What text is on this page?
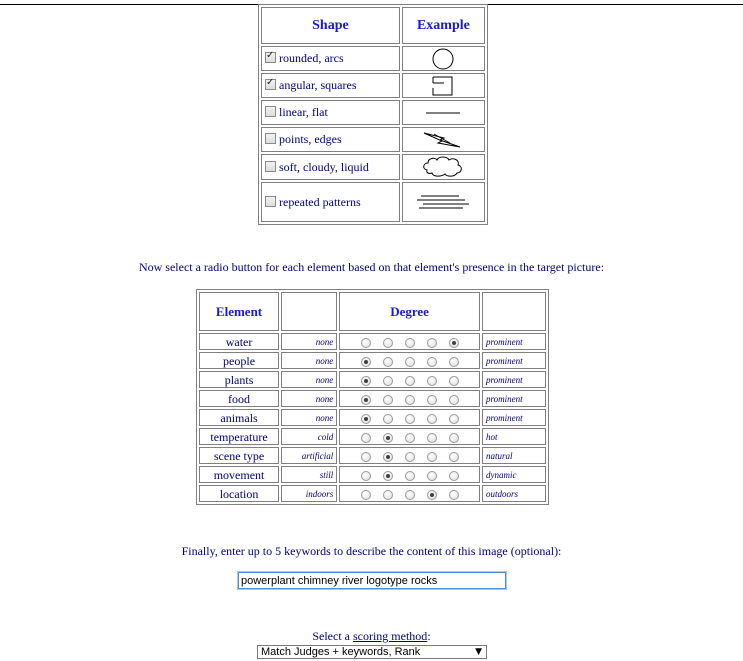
Shape	Example
✓rounded, arcs	

✓angular, squares	

linear, flat	

points, edges	

soft, cloudy, liquid	

repeated patterns	
Now select a radio button for each element based on that element's presence in the target picture:
Element		Degree	
water	none		prominent
people	none		prominent
plants	none		prominent
food	none		prominent
animals	none		prominent
temperature	cold		hot
scene type	artificial		natural
movement	still		dynamic
location	indoors		outdoors
Finally, enter up to 5 keywords to describe the content of this image (optional):
powerplant chimney river logotype rocks
Select a scoring method:
Match Judges + keywords, Rank	▼
